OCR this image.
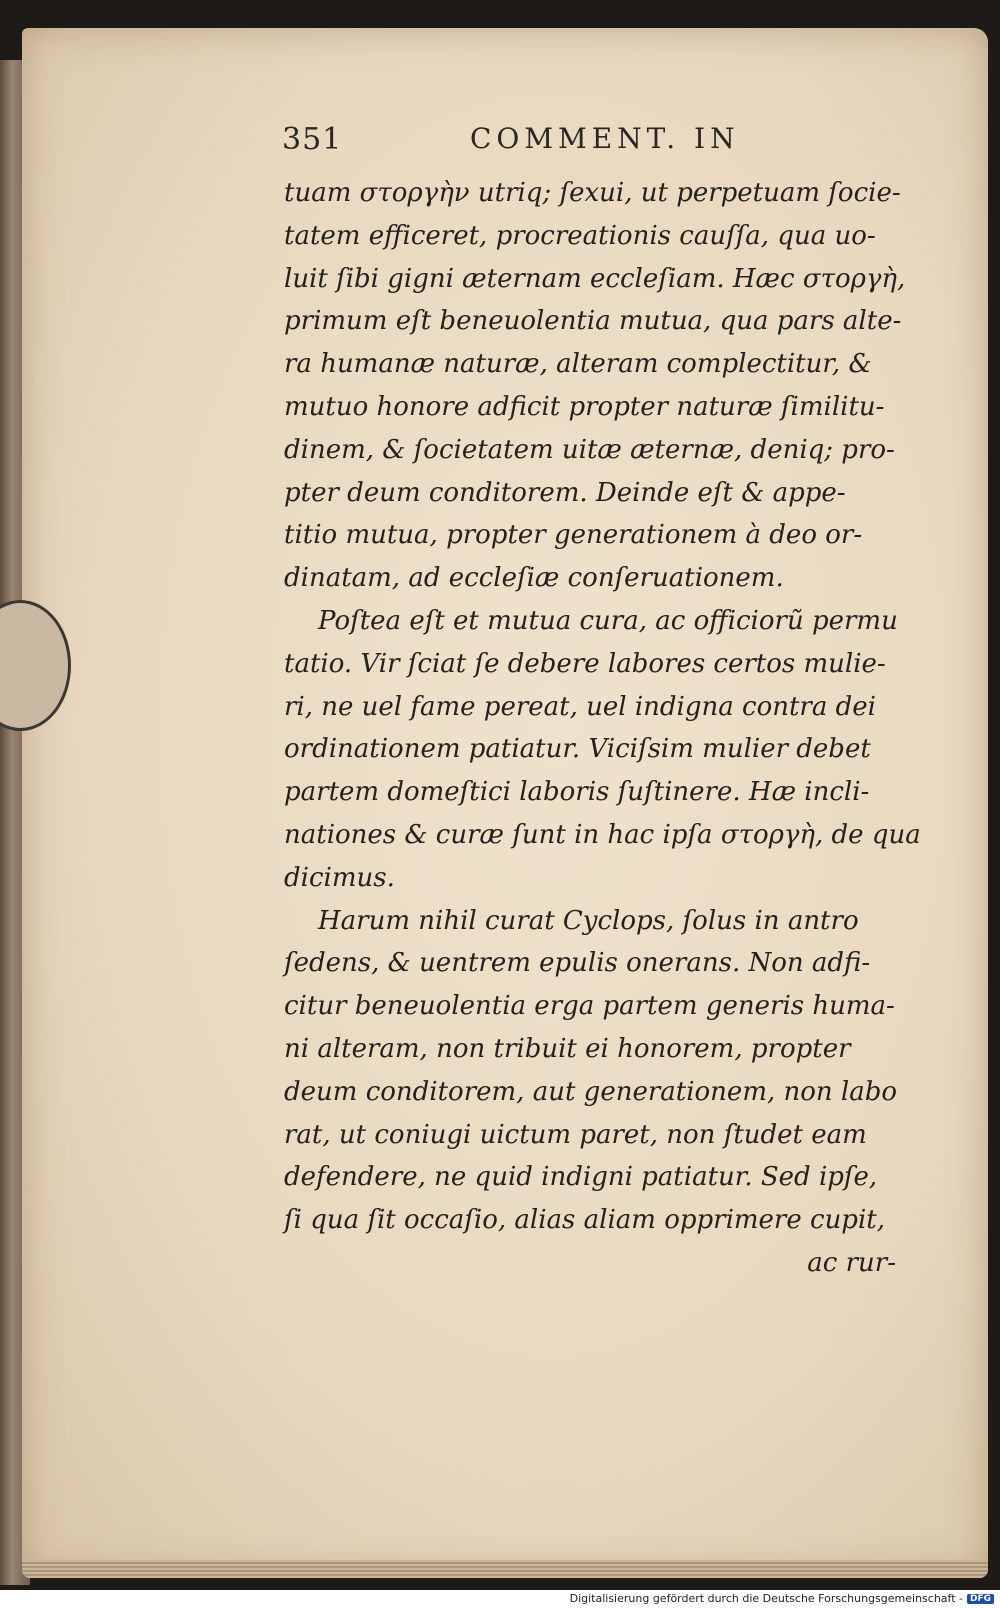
351	COMMENT. IN
tuam στοργὴν utriq; ſexui, ut perpetuam ſocie-
tatem efficeret, procreationis cauſſa, qua uo-
luit ſibi gigni æternam eccleſiam. Hæc στοργὴ,
primum eſt beneuolentia mutua, qua pars alte-
ra humanæ naturæ, alteram complectitur, &
mutuo honore adficit propter naturæ ſimilitu-
dinem, & ſocietatem uitæ æternæ, deniq; pro-
pter deum conditorem. Deinde eſt & appe-
titio mutua, propter generationem à deo or-
dinatam, ad eccleſiæ conſeruationem.
Poſtea eſt et mutua cura, ac officiorũ permu
tatio. Vir ſciat ſe debere labores certos mulie-
ri, ne uel fame pereat, uel indigna contra dei
ordinationem patiatur. Viciſsim mulier debet
partem domeſtici laboris ſuſtinere. Hæ incli-
nationes & curæ ſunt in hac ipſa στοργὴ, de qua
dicimus.
Harum nihil curat Cyclops, ſolus in antro
ſedens, & uentrem epulis onerans. Non adfi-
citur beneuolentia erga partem generis huma-
ni alteram, non tribuit ei honorem, propter
deum conditorem, aut generationem, non labo
rat, ut coniugi uictum paret, non ſtudet eam
defendere, ne quid indigni patiatur. Sed ipſe,
ſi qua ſit occaſio, alias aliam opprimere cupit,
ac rur-
Digitalisierung gefördert durch die Deutsche Forschungsgemeinschaft - DFG
